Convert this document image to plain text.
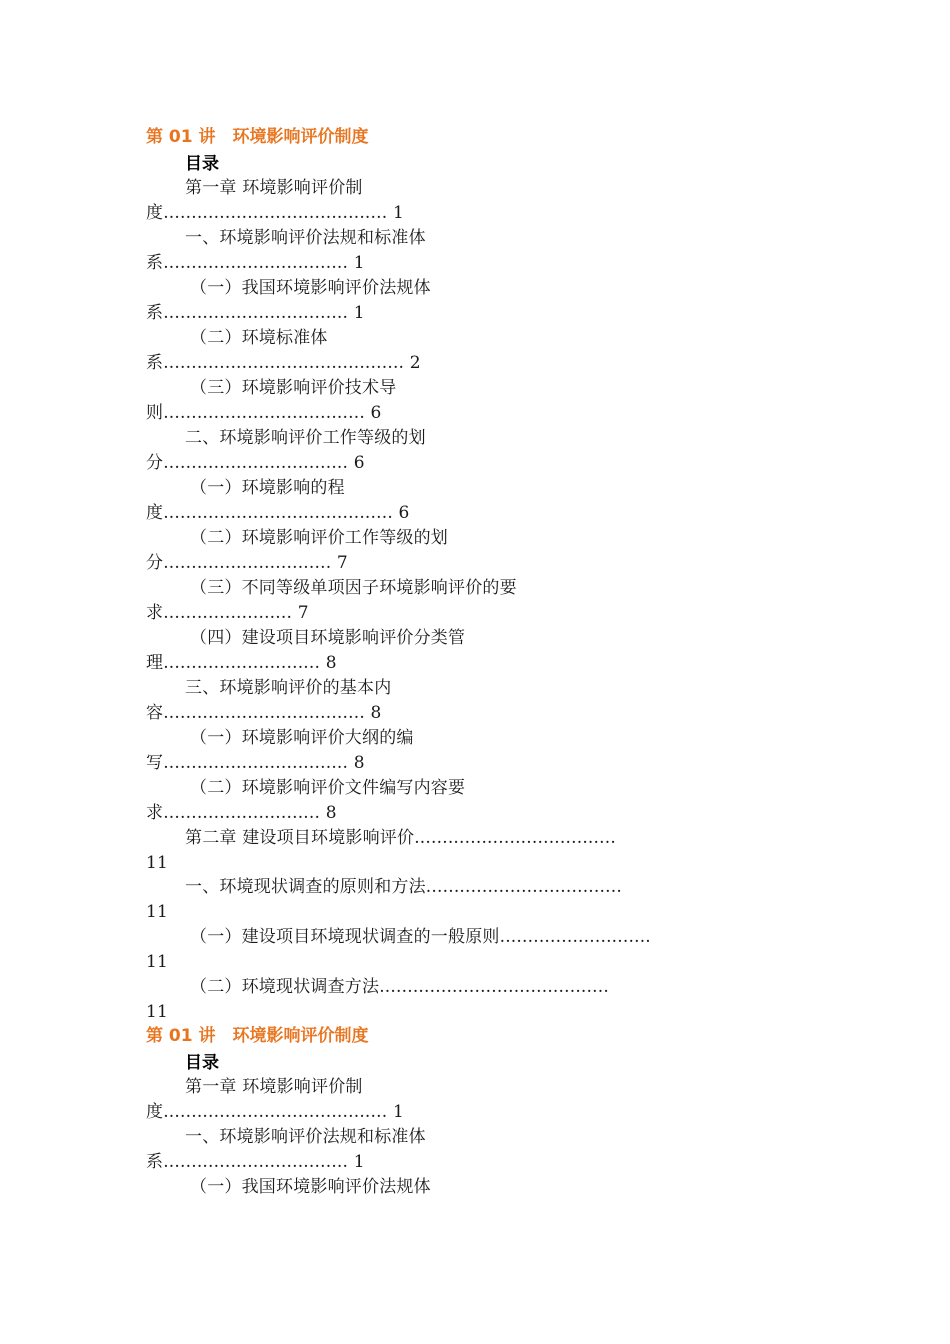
第 01 讲　环境影响评价制度
目录
第一章 环境影响评价制
度........................................ 1
一、环境影响评价法规和标准体
系................................. 1
（一）我国环境影响评价法规体
系................................. 1
（二）环境标准体
系........................................... 2
（三）环境影响评价技术导
则.................................... 6
二、环境影响评价工作等级的划
分................................. 6
（一）环境影响的程
度......................................... 6
（二）环境影响评价工作等级的划
分.............................. 7
（三）不同等级单项因子环境影响评价的要
求....................... 7
（四）建设项目环境影响评价分类管
理............................ 8
三、环境影响评价的基本内
容.................................... 8
（一）环境影响评价大纲的编
写................................. 8
（二）环境影响评价文件编写内容要
求............................ 8
第二章 建设项目环境影响评价....................................
11
一、环境现状调查的原则和方法...................................
11
（一）建设项目环境现状调查的一般原则...........................
11
（二）环境现状调查方法.........................................
11
第 01 讲　环境影响评价制度
目录
第一章 环境影响评价制
度........................................ 1
一、环境影响评价法规和标准体
系................................. 1
（一）我国环境影响评价法规体
